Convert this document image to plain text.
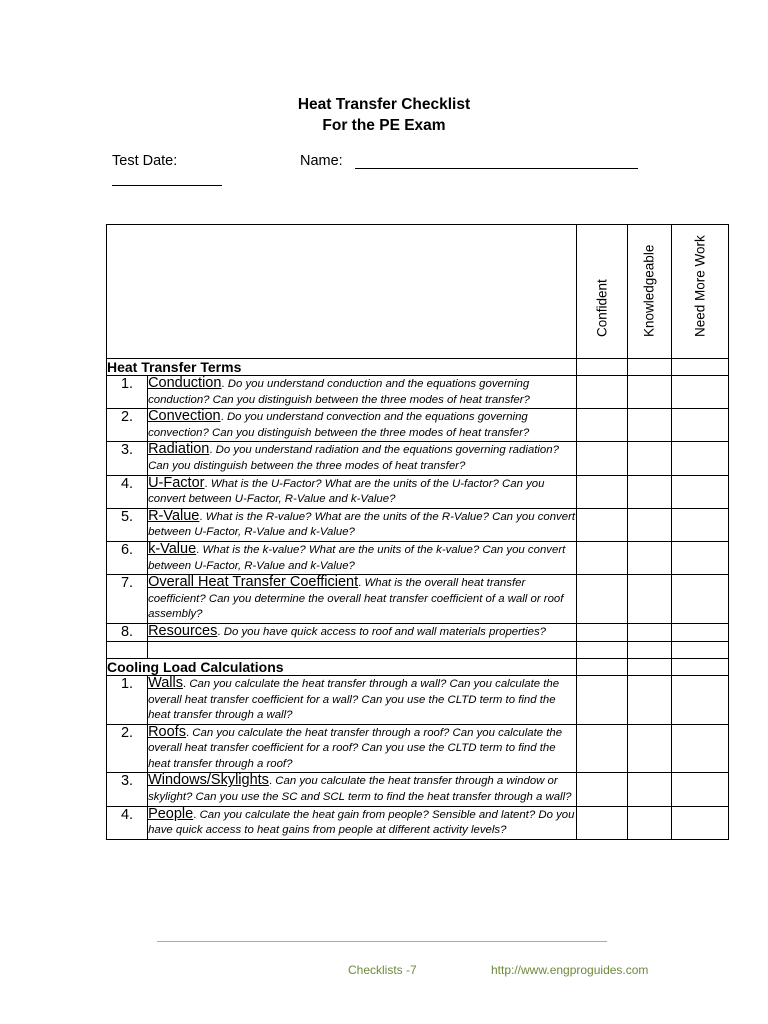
Heat Transfer Checklist
For the PE Exam
Test Date:	Name:

		Confident	Knowledgeable	Need More Work

Heat Transfer Terms				
1.	Conduction. Do you understand conduction and the equations governing conduction? Can you distinguish between the three modes of heat transfer?			
2.	Convection. Do you understand convection and the equations governing convection? Can you distinguish between the three modes of heat transfer?			
3.	Radiation. Do you understand radiation and the equations governing radiation? Can you distinguish between the three modes of heat transfer?			
4.	U-Factor. What is the U-Factor? What are the units of the U-factor? Can you convert between U-Factor, R-Value and k-Value?			
5.	R-Value. What is the R-value? What are the units of the R-Value? Can you convert between U-Factor, R-Value and k-Value?			
6.	k-Value. What is the k-value? What are the units of the k-value? Can you convert between U-Factor, R-Value and k-Value?			
7.	Overall Heat Transfer Coefficient. What is the overall heat transfer coefficient? Can you determine the overall heat transfer coefficient of a wall or roof assembly?			
8.	Resources. Do you have quick access to roof and wall materials properties?			

Cooling Load Calculations				
1.	Walls. Can you calculate the heat transfer through a wall? Can you calculate the overall heat transfer coefficient for a wall? Can you use the CLTD term to find the heat transfer through a wall?			
2.	Roofs. Can you calculate the heat transfer through a roof? Can you calculate the overall heat transfer coefficient for a roof? Can you use the CLTD term to find the heat transfer through a roof?			
3.	Windows/Skylights. Can you calculate the heat transfer through a window or skylight? Can you use the SC and SCL term to find the heat transfer through a wall?			
4.	People. Can you calculate the heat gain from people? Sensible and latent? Do you have quick access to heat gains from people at different activity levels?			
Checklists -7	http://www.engproguides.com
